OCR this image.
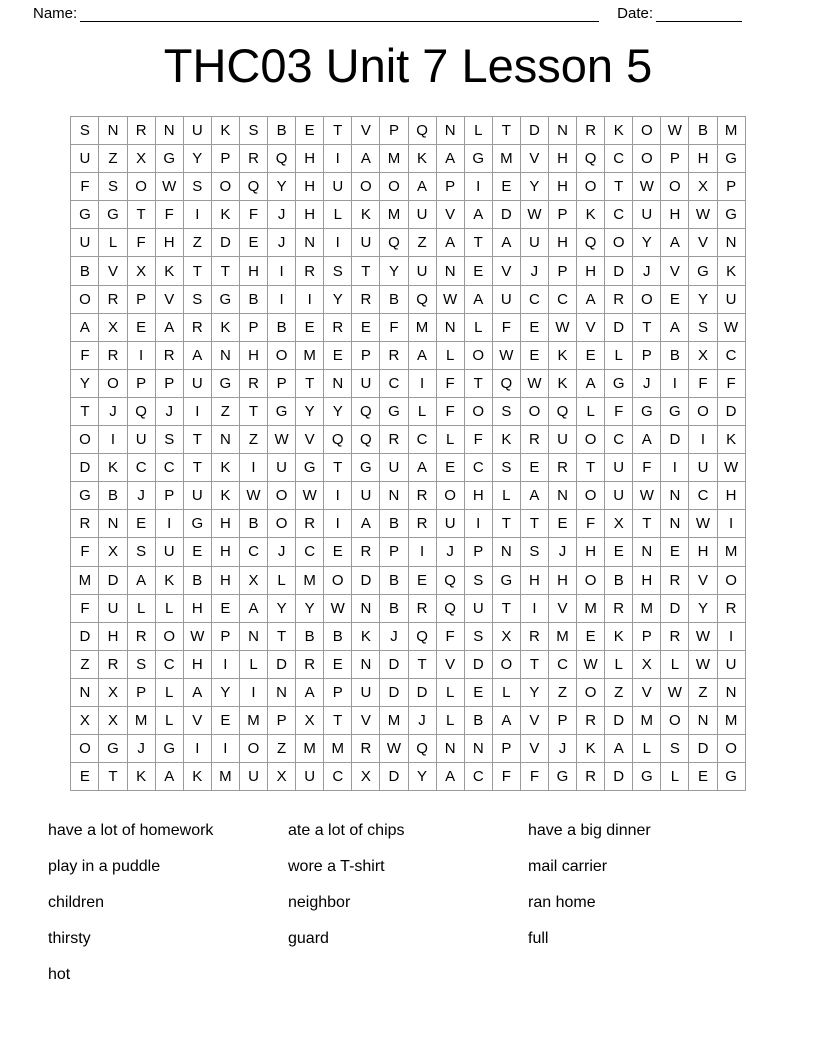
Name:	Date:
THC03 Unit 7 Lesson 5
S	N	R	N	U	K	S	B	E	T	V	P	Q	N	L	T	D	N	R	K	O	W	B	M
U	Z	X	G	Y	P	R	Q	H	I	A	M	K	A	G	M	V	H	Q	C	O	P	H	G
F	S	O	W	S	O	Q	Y	H	U	O	O	A	P	I	E	Y	H	O	T	W	O	X	P
G	G	T	F	I	K	F	J	H	L	K	M	U	V	A	D	W	P	K	C	U	H	W	G
U	L	F	H	Z	D	E	J	N	I	U	Q	Z	A	T	A	U	H	Q	O	Y	A	V	N
B	V	X	K	T	T	H	I	R	S	T	Y	U	N	E	V	J	P	H	D	J	V	G	K
O	R	P	V	S	G	B	I	I	Y	R	B	Q	W	A	U	C	C	A	R	O	E	Y	U
A	X	E	A	R	K	P	B	E	R	E	F	M	N	L	F	E	W	V	D	T	A	S	W
F	R	I	R	A	N	H	O	M	E	P	R	A	L	O	W	E	K	E	L	P	B	X	C
Y	O	P	P	U	G	R	P	T	N	U	C	I	F	T	Q	W	K	A	G	J	I	F	F
T	J	Q	J	I	Z	T	G	Y	Y	Q	G	L	F	O	S	O	Q	L	F	G	G	O	D
O	I	U	S	T	N	Z	W	V	Q	Q	R	C	L	F	K	R	U	O	C	A	D	I	K
D	K	C	C	T	K	I	U	G	T	G	U	A	E	C	S	E	R	T	U	F	I	U	W
G	B	J	P	U	K	W	O	W	I	U	N	R	O	H	L	A	N	O	U	W	N	C	H
R	N	E	I	G	H	B	O	R	I	A	B	R	U	I	T	T	E	F	X	T	N	W	I
F	X	S	U	E	H	C	J	C	E	R	P	I	J	P	N	S	J	H	E	N	E	H	M
M	D	A	K	B	H	X	L	M	O	D	B	E	Q	S	G	H	H	O	B	H	R	V	O
F	U	L	L	H	E	A	Y	Y	W	N	B	R	Q	U	T	I	V	M	R	M	D	Y	R
D	H	R	O	W	P	N	T	B	B	K	J	Q	F	S	X	R	M	E	K	P	R	W	I
Z	R	S	C	H	I	L	D	R	E	N	D	T	V	D	O	T	C	W	L	X	L	W	U
N	X	P	L	A	Y	I	N	A	P	U	D	D	L	E	L	Y	Z	O	Z	V	W	Z	N
X	X	M	L	V	E	M	P	X	T	V	M	J	L	B	A	V	P	R	D	M	O	N	M
O	G	J	G	I	I	O	Z	M	M	R	W	Q	N	N	P	V	J	K	A	L	S	D	O
E	T	K	A	K	M	U	X	U	C	X	D	Y	A	C	F	F	G	R	D	G	L	E	G
have a lot of homework	ate a lot of chips	have a big dinner
play in a puddle	wore a T-shirt	mail carrier
children	neighbor	ran home
thirsty	guard	full
hot
